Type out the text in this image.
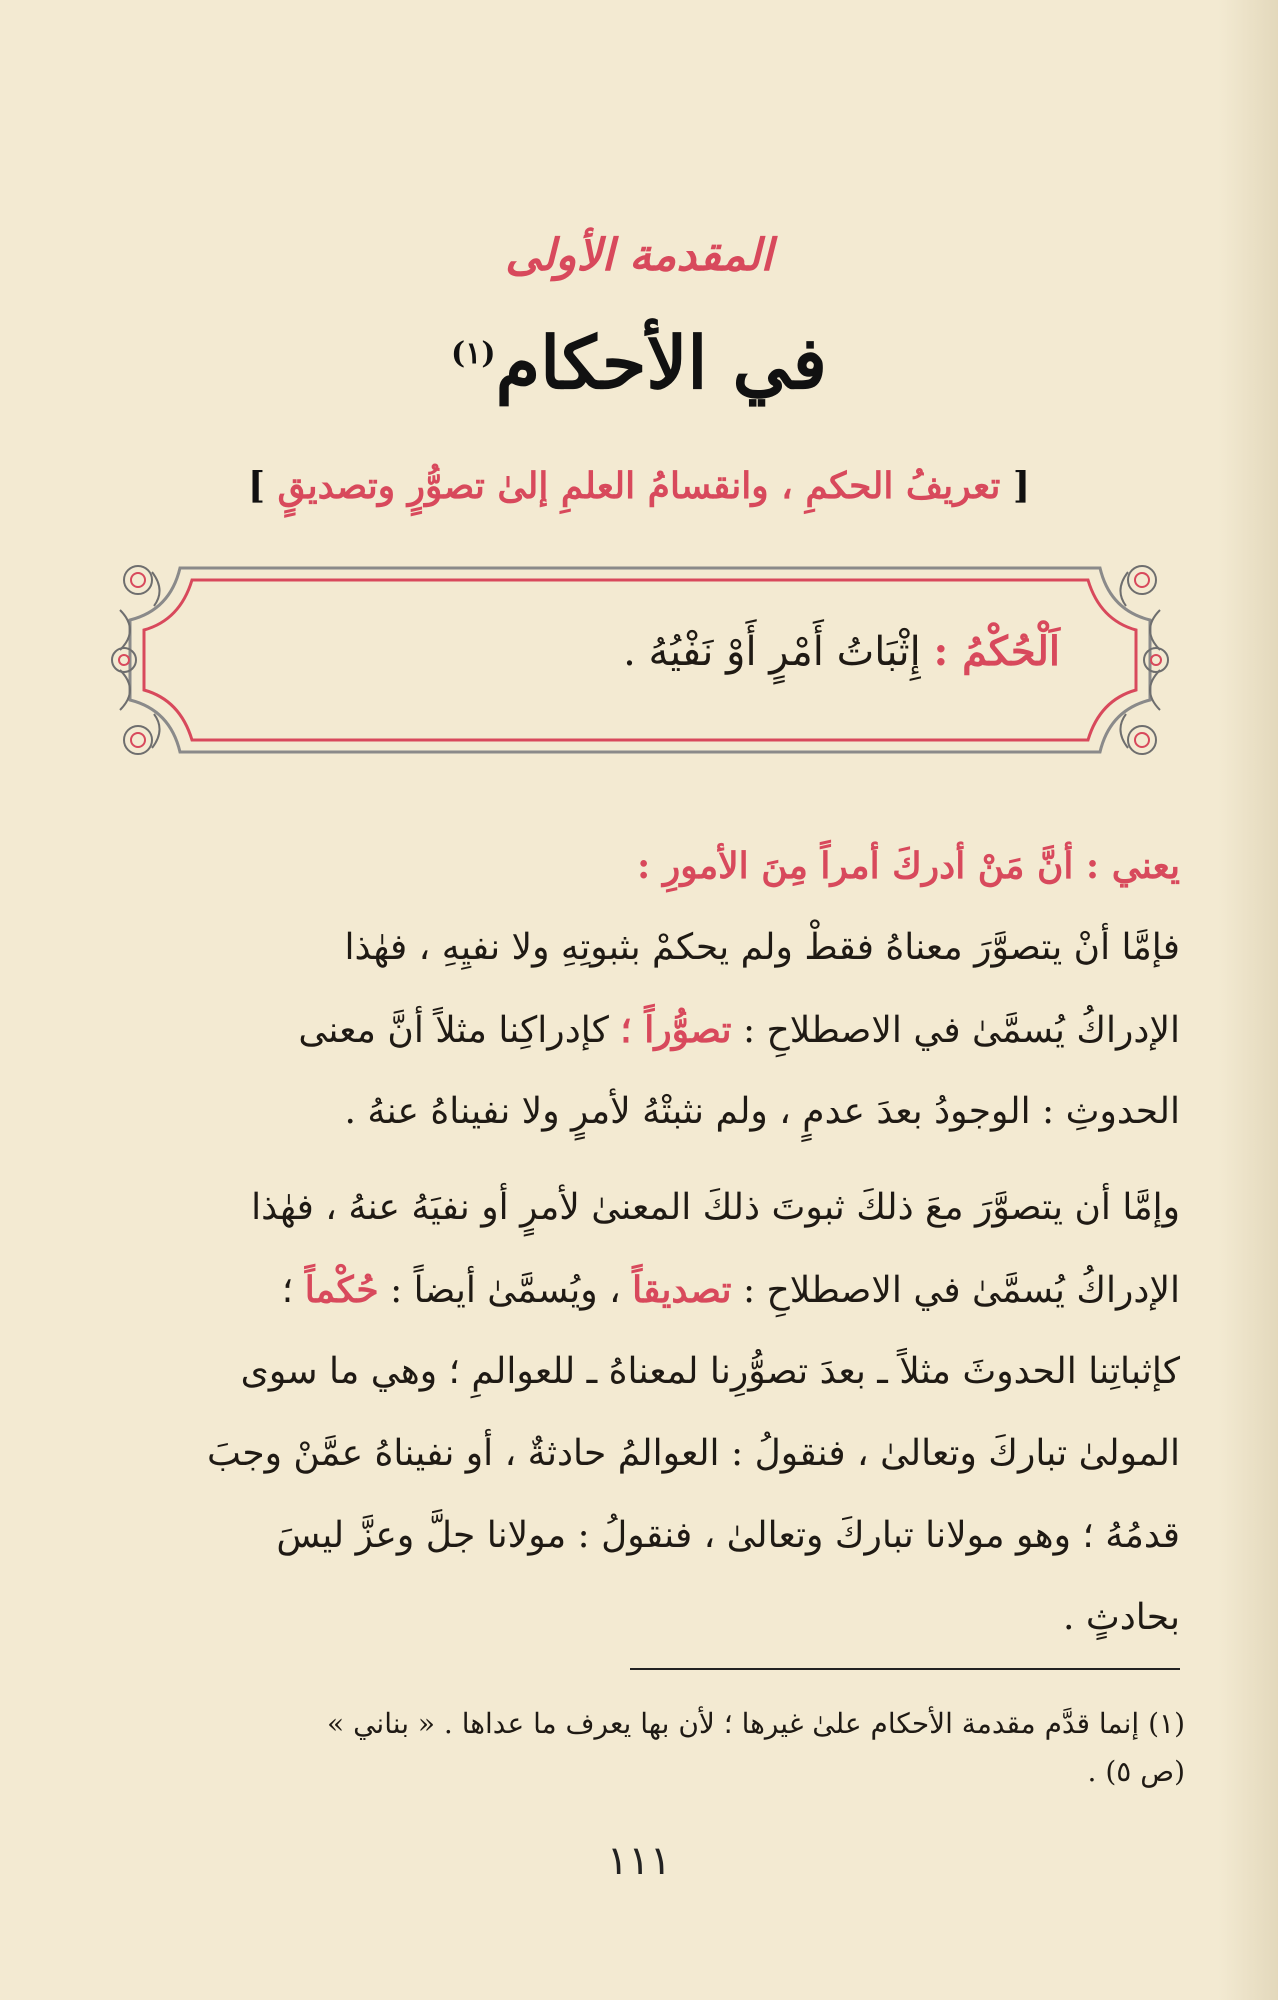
المقدمة الأولى
في الأحكام$^{(١)}$
[ تعريفُ الحكمِ ، وانقسامُ العلمِ إلىٰ تصوُّرٍ وتصديقٍ ]
اَلْحُكْمُ : إِثْبَاتُ أَمْرٍ أَوْ نَفْيُهُ .
يعني : أنَّ مَنْ أدركَ أمراً مِنَ الأمورِ :
فإمَّا أنْ يتصوَّرَ معناهُ فقطْ ولم يحكمْ بثبوتِهِ ولا نفيِهِ ، فهٰذا
الإدراكُ يُسمَّىٰ في الاصطلاحِ : تصوُّراً ؛ كإدراكِنا مثلاً أنَّ معنى
الحدوثِ : الوجودُ بعدَ عدمٍ ، ولم نثبتْهُ لأمرٍ ولا نفيناهُ عنهُ .
وإمَّا أن يتصوَّرَ معَ ذلكَ ثبوتَ ذلكَ المعنىٰ لأمرٍ أو نفيَهُ عنهُ ، فهٰذا
الإدراكُ يُسمَّىٰ في الاصطلاحِ : تصديقاً ، ويُسمَّىٰ أيضاً : حُكْماً ؛
كإثباتِنا الحدوثَ مثلاً ـ بعدَ تصوُّرِنا لمعناهُ ـ للعوالمِ ؛ وهي ما سوى
المولىٰ تباركَ وتعالىٰ ، فنقولُ : العوالمُ حادثةٌ ، أو نفيناهُ عمَّنْ وجبَ
قدمُهُ ؛ وهو مولانا تباركَ وتعالىٰ ، فنقولُ : مولانا جلَّ وعزَّ ليسَ
بحادثٍ .
(١) إنما قدَّم مقدمة الأحكام علىٰ غيرها ؛ لأن بها يعرف ما عداها . « بناني »
(ص ٥) .
١١١
